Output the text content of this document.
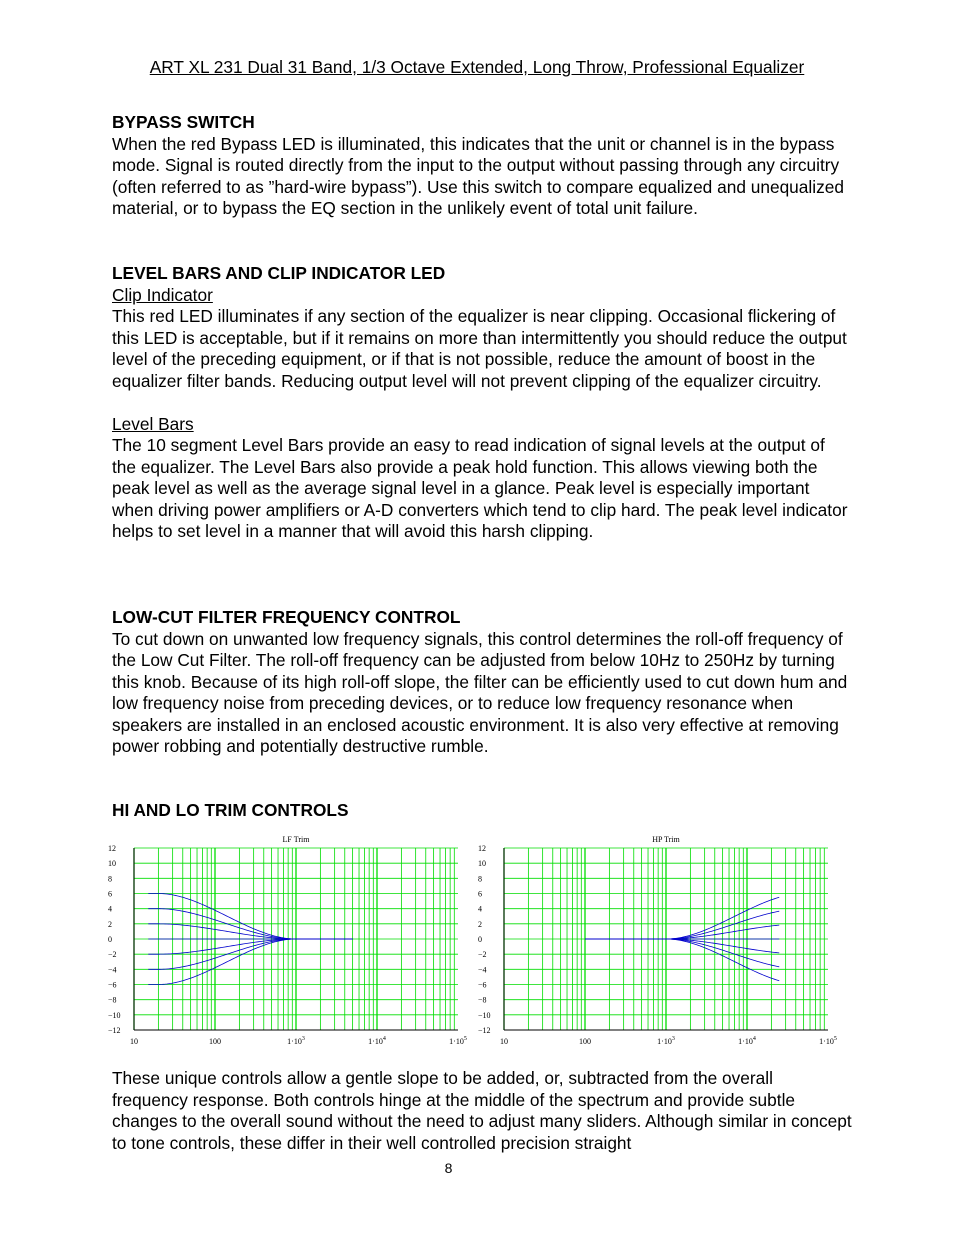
ART XL 231 Dual 31 Band, 1/3 Octave Extended, Long Throw, Professional Equalizer

BYPASS SWITCH

When the red Bypass LED is illuminated, this indicates that the unit or channel is in the bypass mode. Signal is routed directly from the input to the output without passing through any circuitry (often referred to as ”hard-wire bypass”). Use this switch to compare equalized and unequalized material, or to bypass the EQ section in the unlikely event of total unit failure.

LEVEL BARS AND CLIP INDICATOR LED

Clip Indicator

This red LED illuminates if any section of the equalizer is near clipping. Occasional flickering of this LED is acceptable, but if it remains on more than intermittently you should reduce the output level of the preceding equipment, or if that is not possible, reduce the amount of boost in the equalizer filter bands. Reducing output level will not prevent clipping of the equalizer circuitry.

Level Bars

The 10 segment Level Bars provide an easy to read indication of signal levels at the output of the equalizer. The Level Bars also provide a peak hold function. This allows viewing both the peak level as well as the average signal level in a glance. Peak level is especially important when driving power amplifiers or A-D converters which tend to clip hard. The peak level indicator helps to set level in a manner that will avoid this harsh clipping.

LOW-CUT FILTER FREQUENCY CONTROL

To cut down on unwanted low frequency signals, this control determines the roll-off frequency of the Low Cut Filter. The roll-off frequency can be adjusted from below 10Hz to 250Hz by turning this knob. Because of its high roll-off slope, the filter can be efficiently used to cut down hum and low frequency noise from preceding devices, or to reduce low frequency resonance when speakers are installed in an enclosed acoustic environment. It is also very effective at removing power robbing and potentially destructive rumble.

HI AND LO TRIM CONTROLS

LF Trim
12
10
8
6
4
2
0
−2
−4
−6
−8
−10
−12
10	100	$1\cdot 10^3$	$1\cdot 10^4$	$1\cdot 10^5$
HP Trim
12
10
8
6
4
2
0
−2
−4
−6
−8
−10
−12
10	100	$1\cdot 10^3$	$1\cdot 10^4$	$1\cdot 10^5$

These unique controls allow a gentle slope to be added, or, subtracted from the overall frequency response. Both controls hinge at the middle of the spectrum and provide subtle changes to the overall sound without the need to adjust many sliders. Although similar in concept to tone controls, these differ in their well controlled precision straight

8
